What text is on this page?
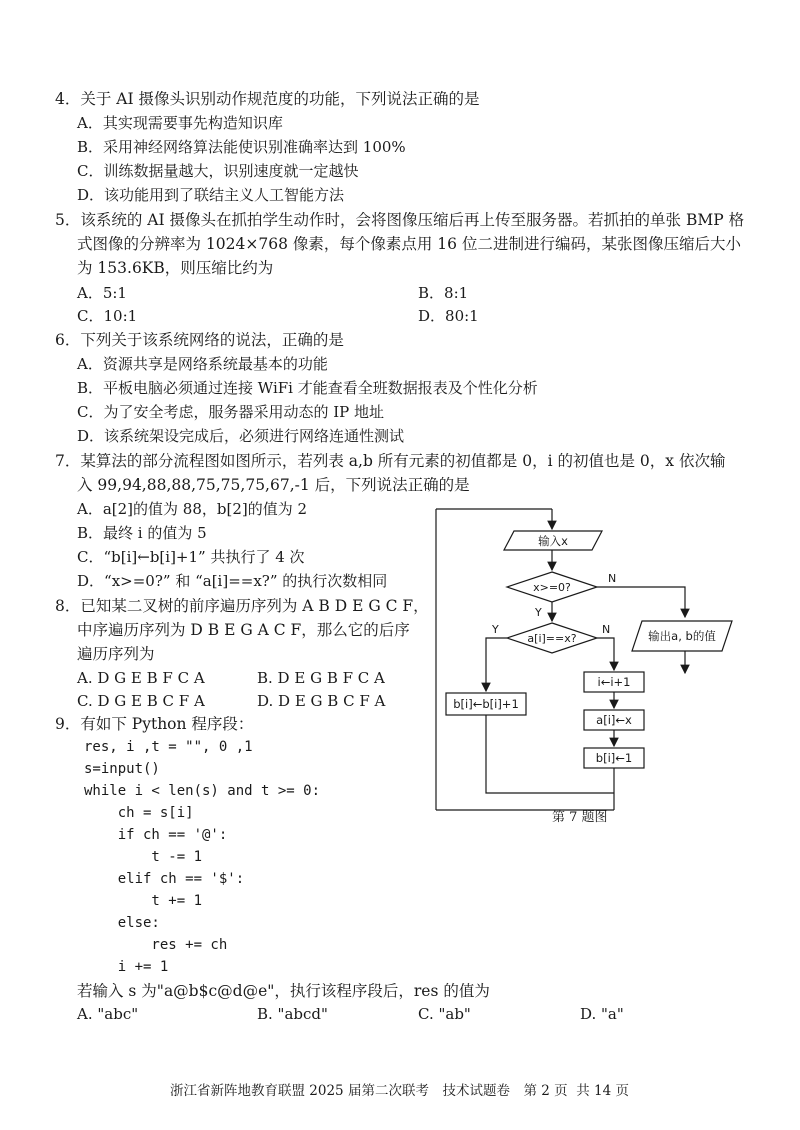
4．关于 AI 摄像头识别动作规范度的功能，下列说法正确的是
A．其实现需要事先构造知识库
B．采用神经网络算法能使识别准确率达到 100%
C．训练数据量越大，识别速度就一定越快
D．该功能用到了联结主义人工智能方法
5．该系统的 AI 摄像头在抓拍学生动作时，会将图像压缩后再上传至服务器。若抓拍的单张 BMP 格
式图像的分辨率为 1024×768 像素，每个像素点用 16 位二进制进行编码，某张图像压缩后大小
为 153.6KB，则压缩比约为
A．5:1	B．8:1
C．10:1	D．80:1
6．下列关于该系统网络的说法，正确的是
A．资源共享是网络系统最基本的功能
B．平板电脑必须通过连接 WiFi 才能查看全班数据报表及个性化分析
C．为了安全考虑，服务器采用动态的 IP 地址
D．该系统架设完成后，必须进行网络连通性测试
7．某算法的部分流程图如图所示，若列表 a,b 所有元素的初值都是 0，i 的初值也是 0，x 依次输
入 99,94,88,88,75,75,75,67,-1 后，下列说法正确的是
A．a[2]的值为 88，b[2]的值为 2
B．最终 i 的值为 5
C．“b[i]←b[i]+1” 共执行了 4 次
D．“x>=0?” 和 “a[i]==x?” 的执行次数相同
输入x
x>=0?
N
Y
输出a, b的值
a[i]==x?
Y	N
b[i]←b[i]+1
i←i+1
a[i]←x
b[i]←1
第 7 题图
8．已知某二叉树的前序遍历序列为 A B D E G C F，
中序遍历序列为 D B E G A C F，那么它的后序
遍历序列为
A. D G E B F C A	B. D E G B F C A
C. D G E B C F A	D. D E G B C F A
9．有如下 Python 程序段：
res, i ,t = "", 0 ,1
s=input()
while i < len(s) and t >= 0:
ch = s[i]
if ch == '@':
t -= 1
elif ch == '$':
t += 1
else:
res += ch
i += 1
若输入 s 为"a@b$c@d@e"，执行该程序段后，res 的值为
A. "abc"	B. "abcd"	C. "ab"	D. "a"
浙江省新阵地教育联盟 2025 届第二次联考　技术试题卷　第 2 页  共 14 页
